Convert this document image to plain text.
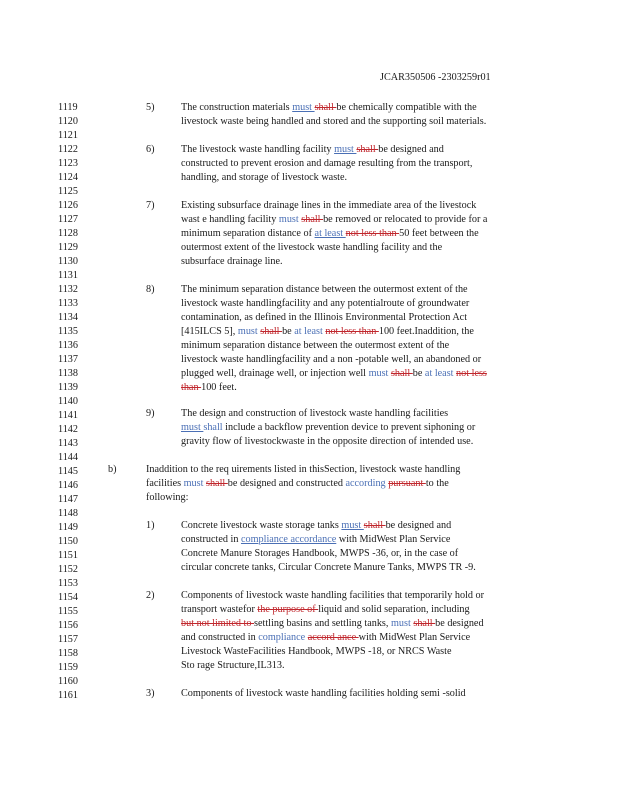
JCAR350506 -2303259r01
1119
1120
1121
1122
1123
1124
1125
1126
1127
1128
1129
1130
1131
1132
1133
1134
1135
1136
1137
1138
1139
1140
1141
1142
1143
1144
1145
1146
1147
1148
1149
1150
1151
1152
1153
1154
1155
1156
1157
1158
1159
1160
1161
5)
6)
7)
8)
9)
b)
1)
2)
3)
The construction materials must shall be chemically compatible with the
livestock waste being handled and stored and the supporting soil materials.
The livestock waste handling facility must shall be designed and
constructed to prevent erosion and damage resulting from the transport,
handling, and storage of livestock waste.
Existing subsurface drainage lines in the immediate area of the livestock
wast e handling facility must shall be removed or relocated to provide for a
minimum separation distance of at least not less than 50 feet between the
outermost extent of the livestock waste handling facility and the
subsurface drainage line.
The minimum separation distance between the outermost extent of the
livestock waste handlingfacility and any potentialroute of groundwater
contamination, as defined in the Illinois Environmental Protection Act
[415ILCS 5], must shall be at least not less than 100 feet.Inaddition, the
minimum separation distance between the outermost extent of the
livestock waste handlingfacility and a non -potable well, an abandoned or
plugged well, drainage well, or injection well must shall be at least not less
than 100 feet.
The design and construction of livestock waste handling facilities
must shall include a backflow prevention device to prevent siphoning or
gravity flow of livestockwaste in the opposite direction of intended use.
Inaddition to the req uirements listed in thisSection, livestock waste handling
facilities must shall be designed and constructed according pursuant to the
following:
Concrete livestock waste storage tanks must shall be designed and
constructed in compliance accordance with MidWest Plan Service
Concrete Manure Storages Handbook, MWPS -36, or, in the case of
circular concrete tanks, Circular Concrete Manure Tanks, MWPS TR -9.
Components of livestock waste handling facilities that temporarily hold or
transport wastefor the purpose of liquid and solid separation, including
but not limited to settling basins and settling tanks, must shall be designed
and constructed in compliance accord ance with MidWest Plan Service
Livestock WasteFacilities Handbook, MWPS -18, or NRCS Waste
Sto rage Structure,IL313.
Components of livestock waste handling facilities holding semi -solid
